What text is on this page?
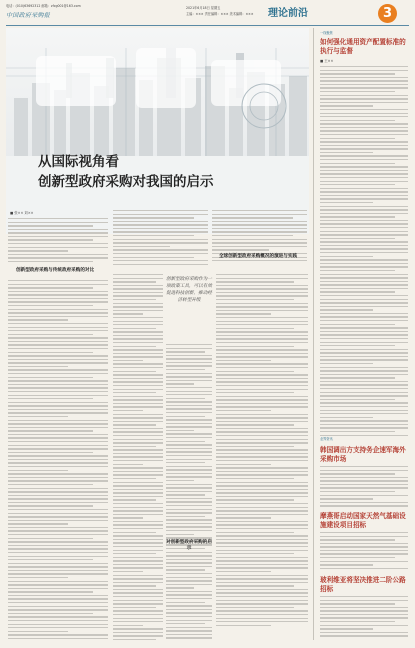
电话：(010)63692312 邮箱：zfcg001@163.com
中国政府采购报
2021年6月18日 星期五
主编：××× 责任编辑：××× 美术编辑：××× 理论前沿	3
从国际视角看
创新型政府采购对我国的启示
■ 张×× 刘××
创新型政府采购与传统政府采购的对比
全球创新型政府采购概况的演进与实践
创新型政府采购作为一项政策工具，可以有效促进科技创新，推动经济转型升级
对创新型政府采购的启示
一线聚焦
如何强化通用资产配置标准的执行与监督
■ 王××
业界资讯
韩国调出方支持务企速军海外采购市场
摩燕哥启动国家天然气基础设施建设项目招标
玻利维亚将坚决推进二阶公路招标
